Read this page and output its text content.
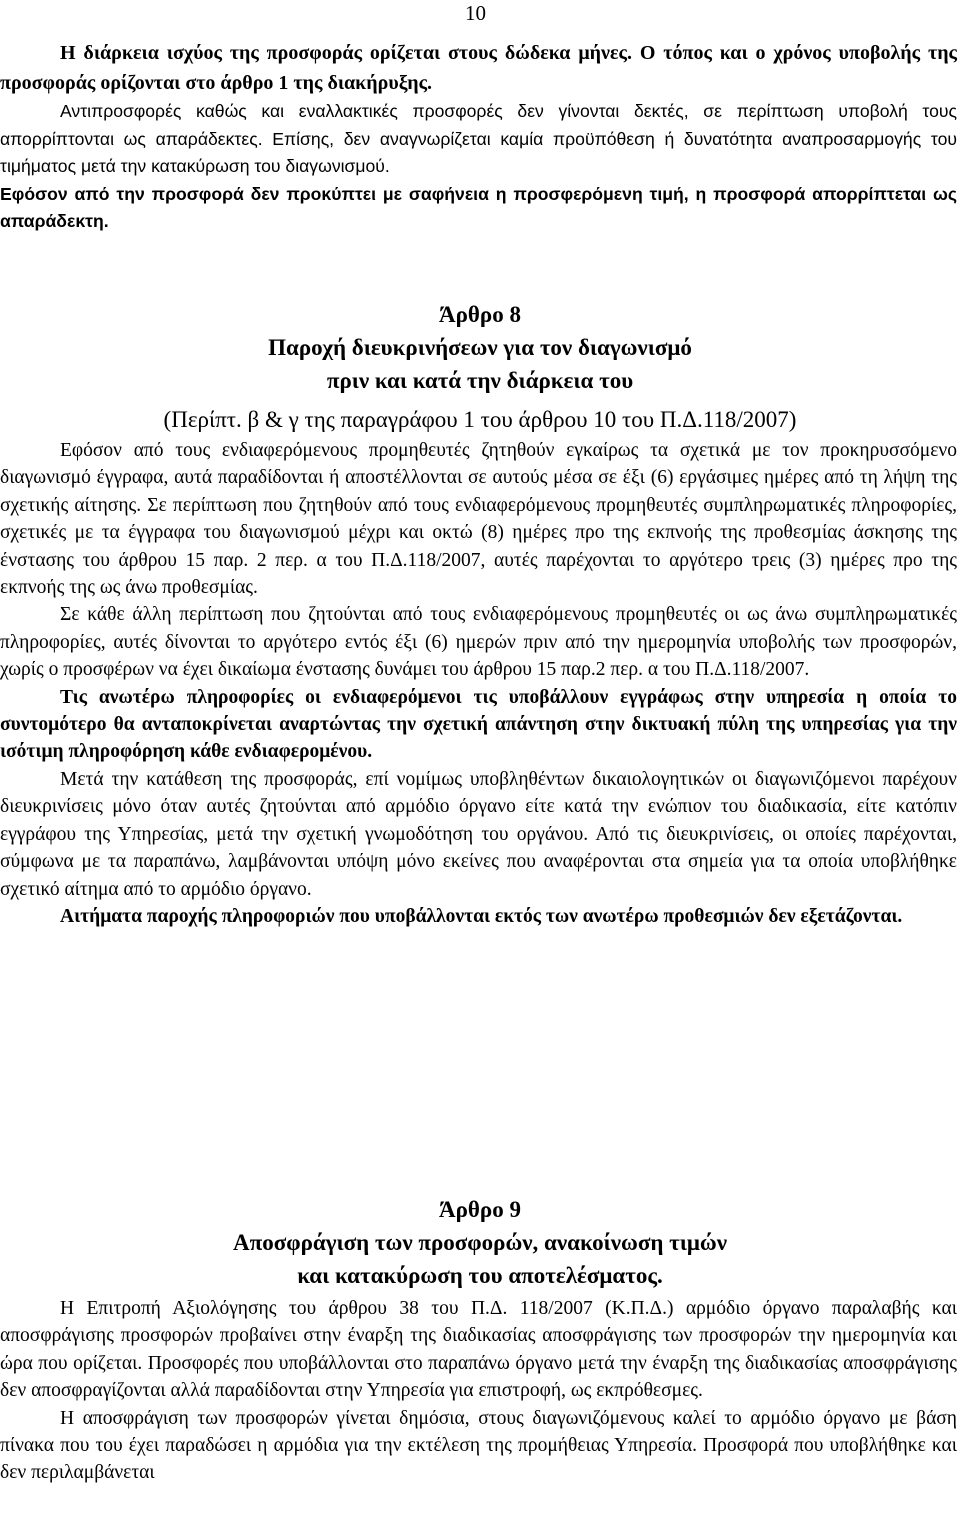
10

Η διάρκεια ισχύος της προσφοράς ορίζεται στους δώδεκα μήνες. Ο τόπος και ο χρόνος υποβολής της προσφοράς ορίζονται στο άρθρο 1 της διακήρυξης.

Αντιπροσφορές καθώς και εναλλακτικές προσφορές δεν γίνονται δεκτές, σε περίπτωση υποβολή τους απορρίπτονται ως απαράδεκτες. Επίσης, δεν αναγνωρίζεται καμία προϋπόθεση ή δυνατότητα αναπροσαρμογής του τιμήματος μετά την κατακύρωση του διαγωνισμού.

Εφόσον από την προσφορά δεν προκύπτει με σαφήνεια η προσφερόμενη τιμή, η προσφορά απορρίπτεται ως απαράδεκτη.

Άρθρο 8
Παροχή διευκρινήσεων για τον διαγωνισμό
πριν και κατά την διάρκεια του
(Περίπτ. β & γ της παραγράφου 1 του άρθρου 10 του Π.Δ.118/2007)

Εφόσον από τους ενδιαφερόμενους προμηθευτές ζητηθούν εγκαίρως τα σχετικά με τον προκηρυσσόμενο διαγωνισμό έγγραφα, αυτά παραδίδονται ή αποστέλλονται σε αυτούς μέσα σε έξι (6) εργάσιμες ημέρες από τη λήψη της σχετικής αίτησης. Σε περίπτωση που ζητηθούν από τους ενδιαφερόμενους προμηθευτές συμπληρωματικές πληροφορίες, σχετικές με τα έγγραφα του διαγωνισμού μέχρι και οκτώ (8) ημέρες προ της εκπνοής της προθεσμίας άσκησης της ένστασης του άρθρου 15 παρ. 2 περ. α του Π.Δ.118/2007, αυτές παρέχονται το αργότερο τρεις (3) ημέρες προ της εκπνοής της ως άνω προθεσμίας.

Σε κάθε άλλη περίπτωση που ζητούνται από τους ενδιαφερόμενους προμηθευτές οι ως άνω συμπληρωματικές πληροφορίες, αυτές δίνονται το αργότερο εντός έξι (6) ημερών πριν από την ημερομηνία υποβολής των προσφορών, χωρίς ο προσφέρων να έχει δικαίωμα ένστασης δυνάμει του άρθρου 15 παρ.2 περ. α του Π.Δ.118/2007.

Τις ανωτέρω πληροφορίες οι ενδιαφερόμενοι τις υποβάλλουν εγγράφως στην υπηρεσία η οποία το συντομότερο θα ανταποκρίνεται αναρτώντας την σχετική απάντηση στην δικτυακή πύλη της υπηρεσίας για την ισότιμη πληροφόρηση κάθε ενδιαφερομένου.

Μετά την κατάθεση της προσφοράς, επί νομίμως υποβληθέντων δικαιολογητικών οι διαγωνιζόμενοι παρέχουν διευκρινίσεις μόνο όταν αυτές ζητούνται από αρμόδιο όργανο είτε κατά την ενώπιον του διαδικασία, είτε κατόπιν εγγράφου της Υπηρεσίας, μετά την σχετική γνωμοδότηση του οργάνου. Από τις διευκρινίσεις, οι οποίες παρέχονται, σύμφωνα με τα παραπάνω, λαμβάνονται υπόψη μόνο εκείνες που αναφέρονται στα σημεία για τα οποία υποβλήθηκε σχετικό αίτημα από το αρμόδιο όργανο.

Αιτήματα παροχής πληροφοριών που υποβάλλονται εκτός των ανωτέρω προθεσμιών δεν εξετάζονται.

Άρθρο 9
Αποσφράγιση των προσφορών, ανακοίνωση τιμών
και κατακύρωση του αποτελέσματος.

Η Επιτροπή Αξιολόγησης του άρθρου 38 του Π.Δ. 118/2007 (Κ.Π.Δ.) αρμόδιο όργανο παραλαβής και αποσφράγισης προσφορών προβαίνει στην έναρξη της διαδικασίας αποσφράγισης των προσφορών την ημερομηνία και ώρα που ορίζεται. Προσφορές που υποβάλλονται στο παραπάνω όργανο μετά την έναρξη της διαδικασίας αποσφράγισης δεν αποσφραγίζονται αλλά παραδίδονται στην Υπηρεσία για επιστροφή, ως εκπρόθεσμες.

Η αποσφράγιση των προσφορών γίνεται δημόσια, στους διαγωνιζόμενους καλεί το αρμόδιο όργανο με βάση πίνακα που του έχει παραδώσει η αρμόδια για την εκτέλεση της προμήθειας Υπηρεσία. Προσφορά που υποβλήθηκε και δεν περιλαμβάνεται
